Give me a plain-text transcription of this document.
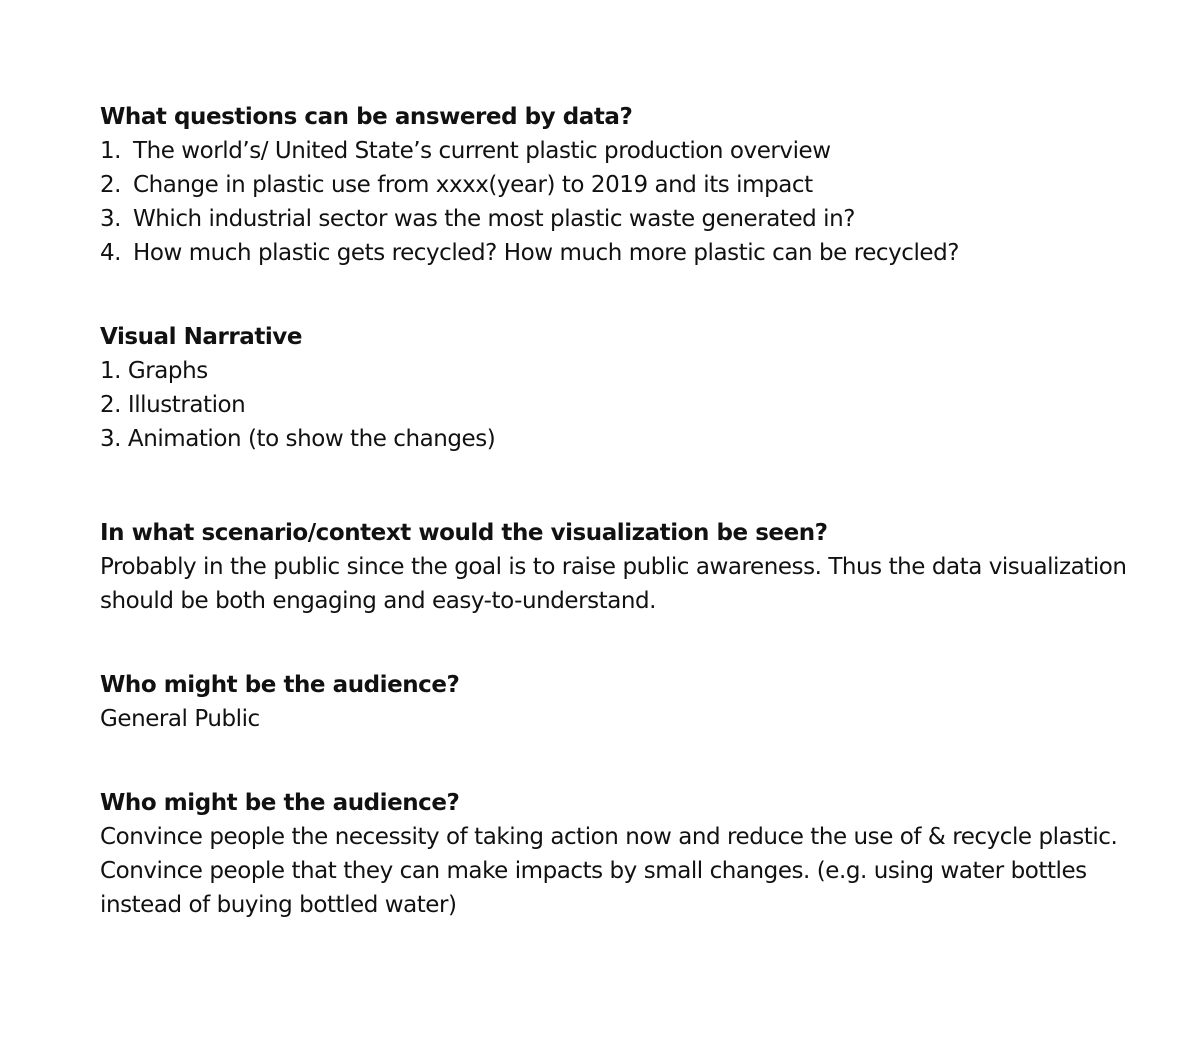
What questions can be answered by data?

1. The world’s/ United State’s current plastic production overview
2. Change in plastic use from xxxx(year) to 2019 and its impact
3. Which industrial sector was the most plastic waste generated in?
4. How much plastic gets recycled? How much more plastic can be recycled?

Visual Narrative

1. Graphs

2. Illustration

3. Animation (to show the changes)

In what scenario/context would the visualization be seen?

Probably in the public since the goal is to raise public awareness. Thus the data visualization

should be both engaging and easy-to-understand.

Who might be the audience?

General Public

Who might be the audience?

Convince people the necessity of taking action now and reduce the use of & recycle plastic.

Convince people that they can make impacts by small changes. (e.g. using water bottles

instead of buying bottled water)
